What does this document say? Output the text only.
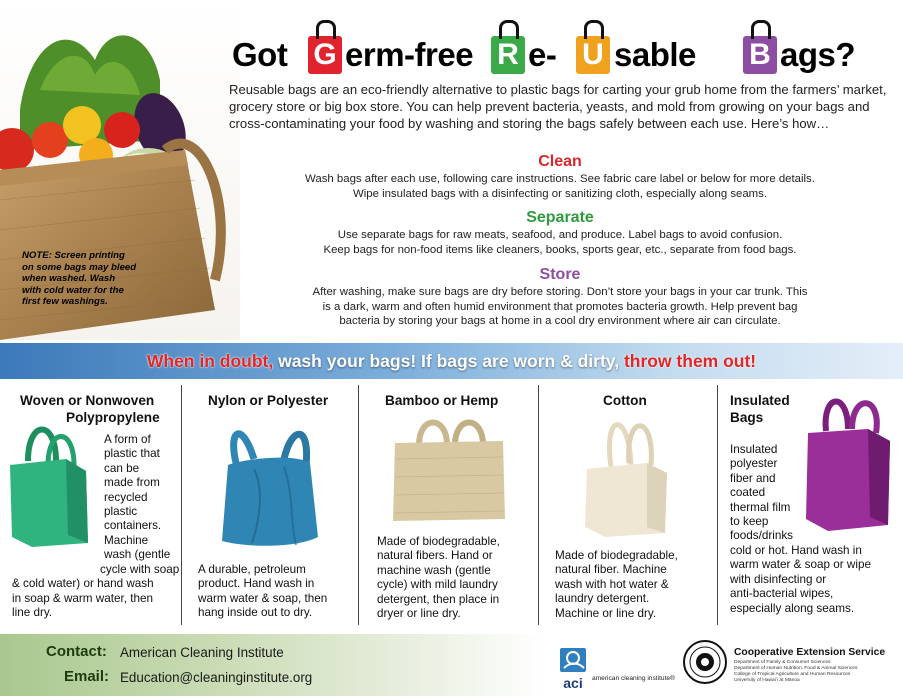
NOTE: Screen printing
on some bags may bleed
when washed. Wash
with cold water for the
first few washings.
Got G erm-free R e- U sable B ags?

Reusable bags are an eco-friendly alternative to plastic bags for carting your grub home from the farmers’ market, grocery store or big box store. You can help prevent bacteria, yeasts, and mold from growing on your bags and cross-contaminating your food by washing and storing the bags safely between each use. Here’s how…

Clean
Wash bags after each use, following care instructions. See fabric care label or below for more details.
Wipe insulated bags with a disinfecting or sanitizing cloth, especially along seams.
Separate
Use separate bags for raw meats, seafood, and produce. Label bags to avoid confusion.
Keep bags for non-food items like cleaners, books, sports gear, etc., separate from food bags.
Store
After washing, make sure bags are dry before storing. Don’t store your bags in your car trunk. This
is a dark, warm and often humid environment that promotes bacteria growth. Help prevent bag
bacteria by storing your bags at home in a cool dry environment where air can circulate.
When in doubt, wash your bags! If bags are worn & dirty, throw them out!
Woven or Nonwoven
Polypropylene
A form of
plastic that
can be
made from
recycled
plastic
containers.
Machine
wash (gentle
cycle with soap
& cold water) or hand wash
in soap & warm water, then
line dry.
Nylon or Polyester
A durable, petroleum
product. Hand wash in
warm water & soap, then
hang inside out to dry.
Bamboo or Hemp
Made of biodegradable,
natural fibers. Hand or
machine wash (gentle
cycle) with mild laundry
detergent, then place in
dryer or line dry.
Cotton
Made of biodegradable,
natural fiber. Machine
wash with hot water &
laundry detergent.
Machine or line dry.
Insulated
Bags
Insulated
polyester
fiber and
coated
thermal film
to keep
foods/drinks
cold or hot. Hand wash in
warm water & soap or wipe
with disinfecting or
anti-bacterial wipes,
especially along seams.
Contact: American Cleaning Institute
Email: Education@cleaninginstitute.org	aci american cleaning institute®
Cooperative Extension Service
Department of Family & Consumer Sciences
Department of Human Nutrition, Food & Animal Sciences
College of Tropical Agriculture and Human Resources
University of Hawaiʻi at Mānoa
